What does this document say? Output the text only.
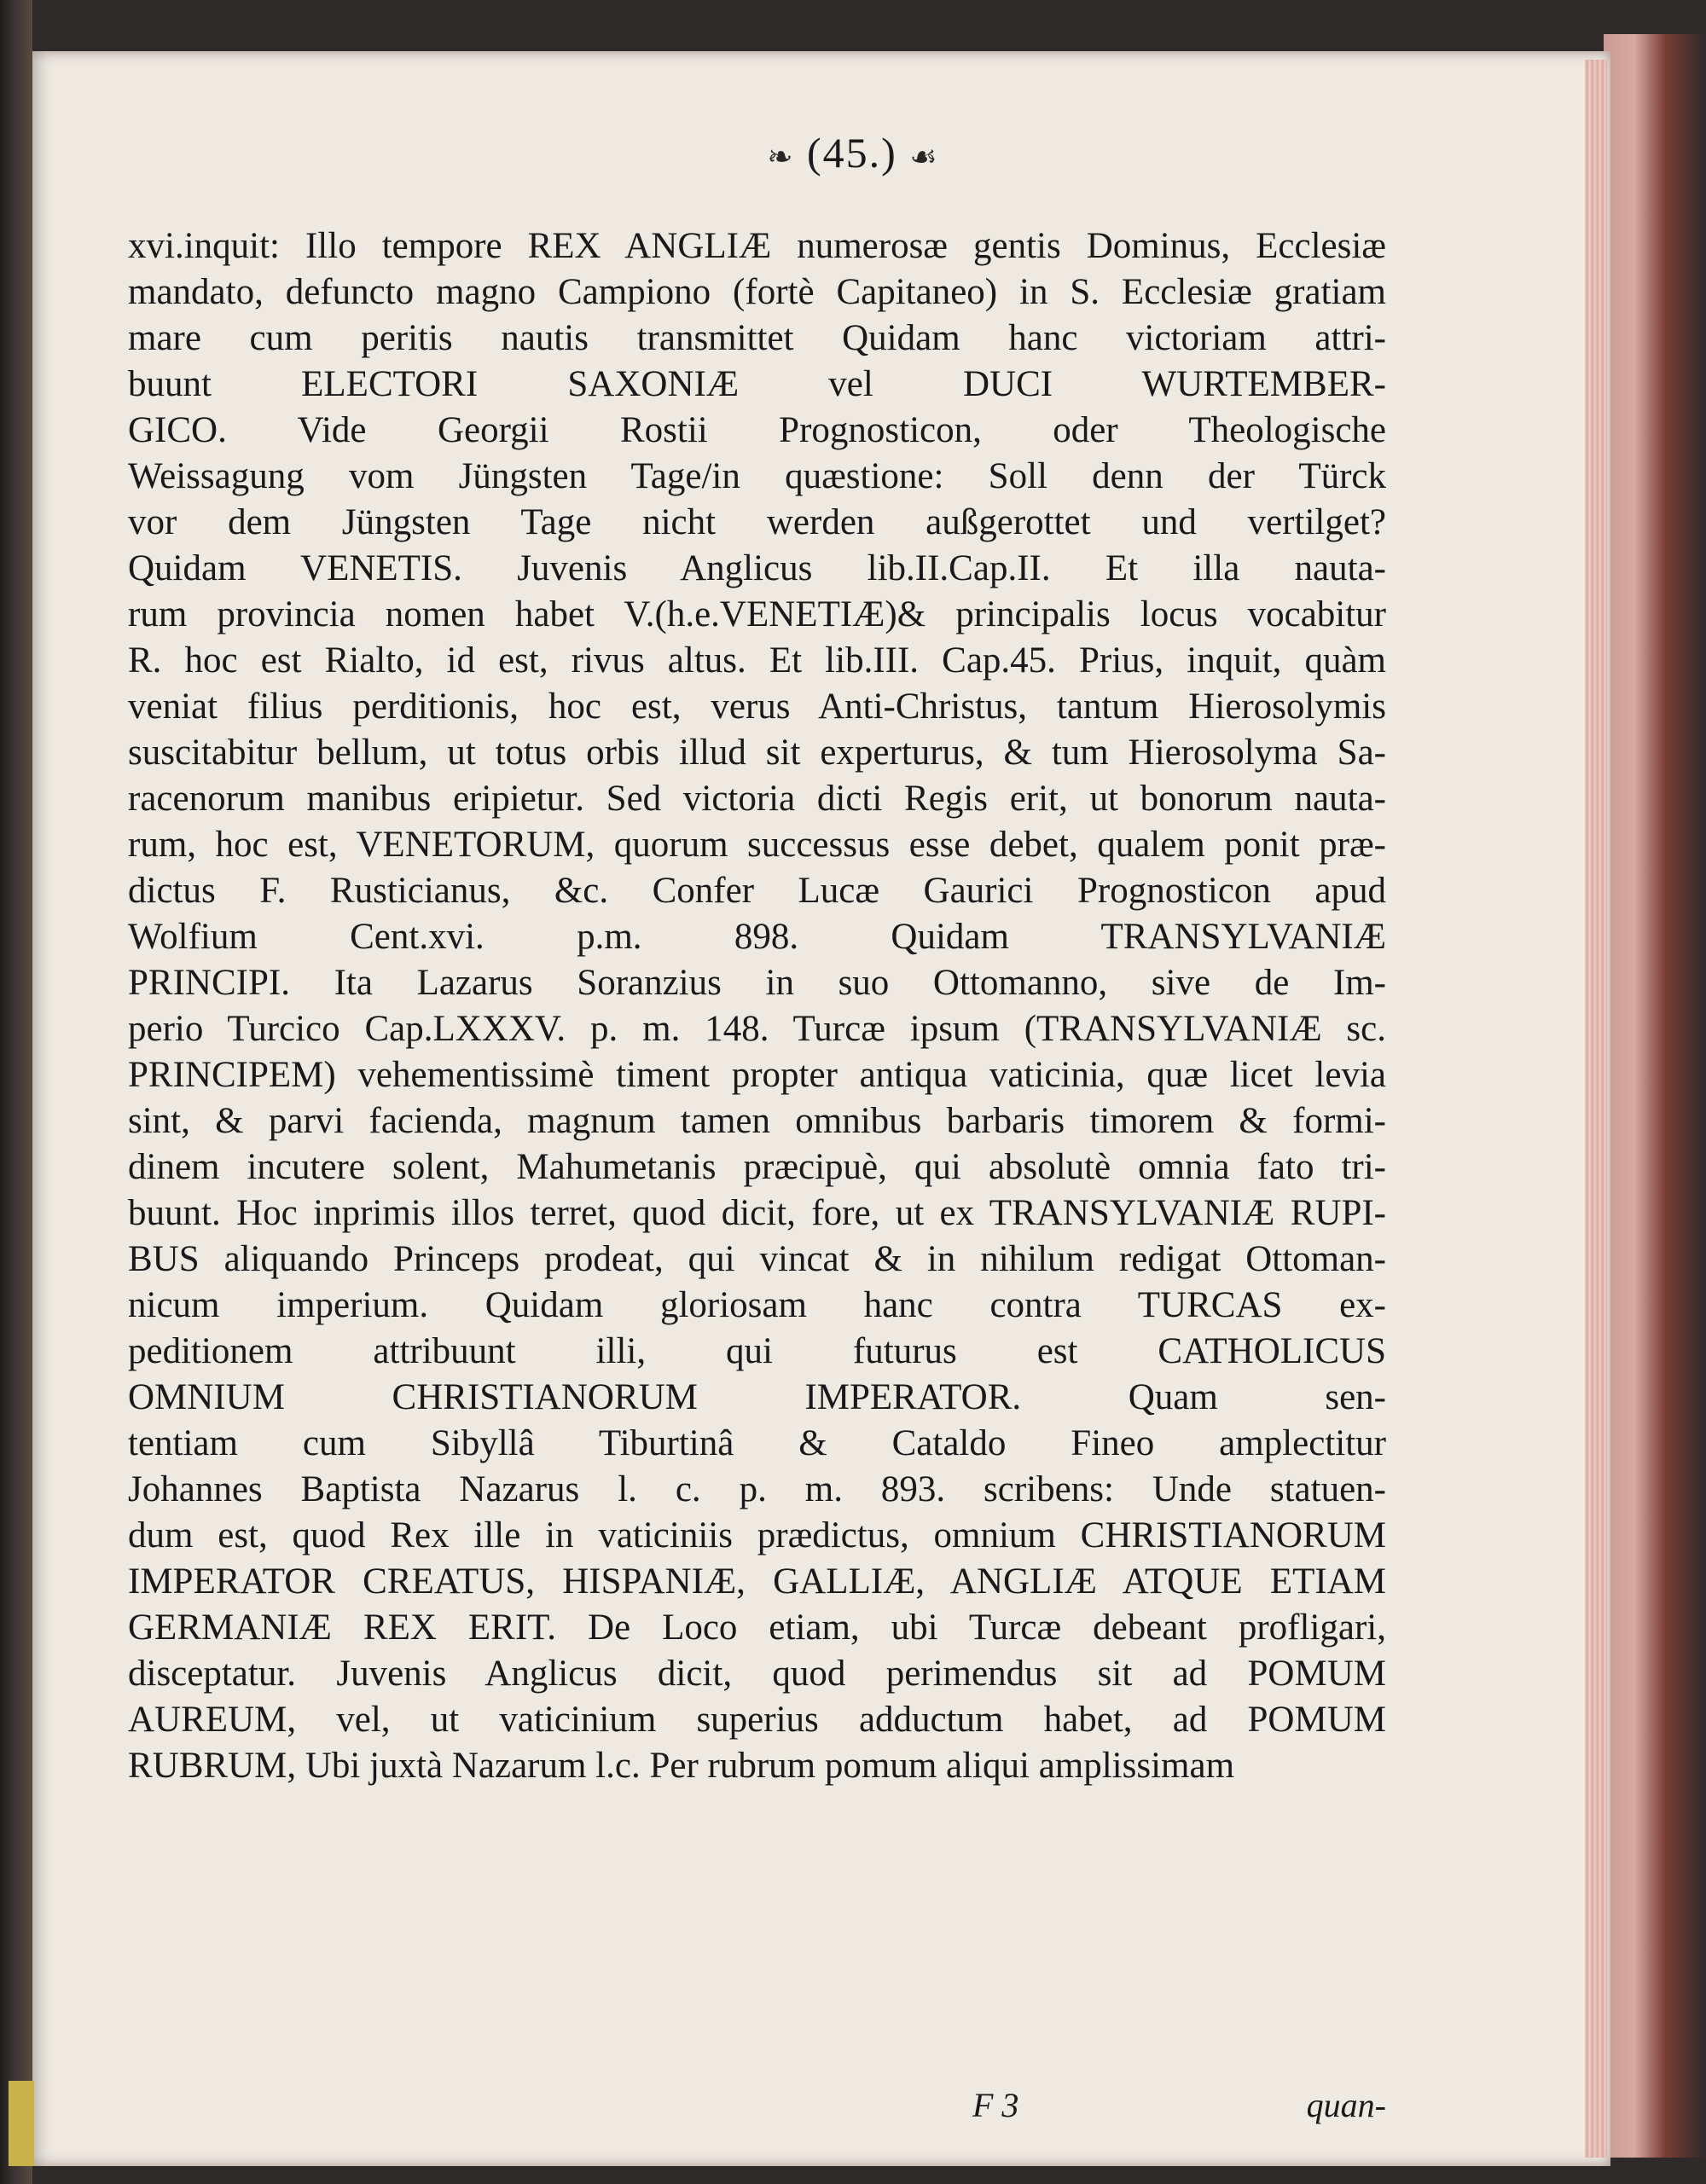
❧ (45.) ☙
xvi.inquit: Illo tempore REX ANGLIÆ numerosæ gentis Dominus, Ecclesiæ
mandato, defuncto magno Campiono (fortè Capitaneo) in S. Ecclesiæ gratiam
mare cum peritis nautis transmittet Quidam hanc victoriam attri-
buunt ELECTORI SAXONIÆ vel DUCI WURTEMBER-
GICO. Vide Georgii Rostii Prognosticon, oder Theologische
Weissagung vom Jüngsten Tage/in quæstione: Soll denn der Türck
vor dem Jüngsten Tage nicht werden außgerottet und vertilget?
Quidam VENETIS. Juvenis Anglicus lib.II.Cap.II. Et illa nauta-
rum provincia nomen habet V.(h.e.VENETIÆ)& principalis locus vocabitur
R. hoc est Rialto, id est, rivus altus. Et lib.III. Cap.45. Prius, inquit, quàm
veniat filius perditionis, hoc est, verus Anti-Christus, tantum Hierosolymis
suscitabitur bellum, ut totus orbis illud sit experturus, & tum Hierosolyma Sa-
racenorum manibus eripietur. Sed victoria dicti Regis erit, ut bonorum nauta-
rum, hoc est, VENETORUM, quorum successus esse debet, qualem ponit præ-
dictus F. Rusticianus, &c. Confer Lucæ Gaurici Prognosticon apud
Wolfium Cent.xvi. p.m. 898. Quidam TRANSYLVANIÆ
PRINCIPI. Ita Lazarus Soranzius in suo Ottomanno, sive de Im-
perio Turcico Cap.LXXXV. p. m. 148. Turcæ ipsum (TRANSYLVANIÆ sc.
PRINCIPEM) vehementissimè timent propter antiqua vaticinia, quæ licet levia
sint, & parvi facienda, magnum tamen omnibus barbaris timorem & formi-
dinem incutere solent, Mahumetanis præcipuè, qui absolutè omnia fato tri-
buunt. Hoc inprimis illos terret, quod dicit, fore, ut ex TRANSYLVANIÆ RUPI-
BUS aliquando Princeps prodeat, qui vincat & in nihilum redigat Ottoman-
nicum imperium. Quidam gloriosam hanc contra TURCAS ex-
peditionem attribuunt illi, qui futurus est CATHOLICUS
OMNIUM CHRISTIANORUM IMPERATOR. Quam sen-
tentiam cum Sibyllâ Tiburtinâ & Cataldo Fineo amplectitur
Johannes Baptista Nazarus l. c. p. m. 893. scribens: Unde statuen-
dum est, quod Rex ille in vaticiniis prædictus, omnium CHRISTIANORUM
IMPERATOR CREATUS, HISPANIÆ, GALLIÆ, ANGLIÆ ATQUE ETIAM
GERMANIÆ REX ERIT. De Loco etiam, ubi Turcæ debeant profligari,
disceptatur. Juvenis Anglicus dicit, quod perimendus sit ad POMUM
AUREUM, vel, ut vaticinium superius adductum habet, ad POMUM
RUBRUM, Ubi juxtà Nazarum l.c. Per rubrum pomum aliqui amplissimam
F 3	quan-
